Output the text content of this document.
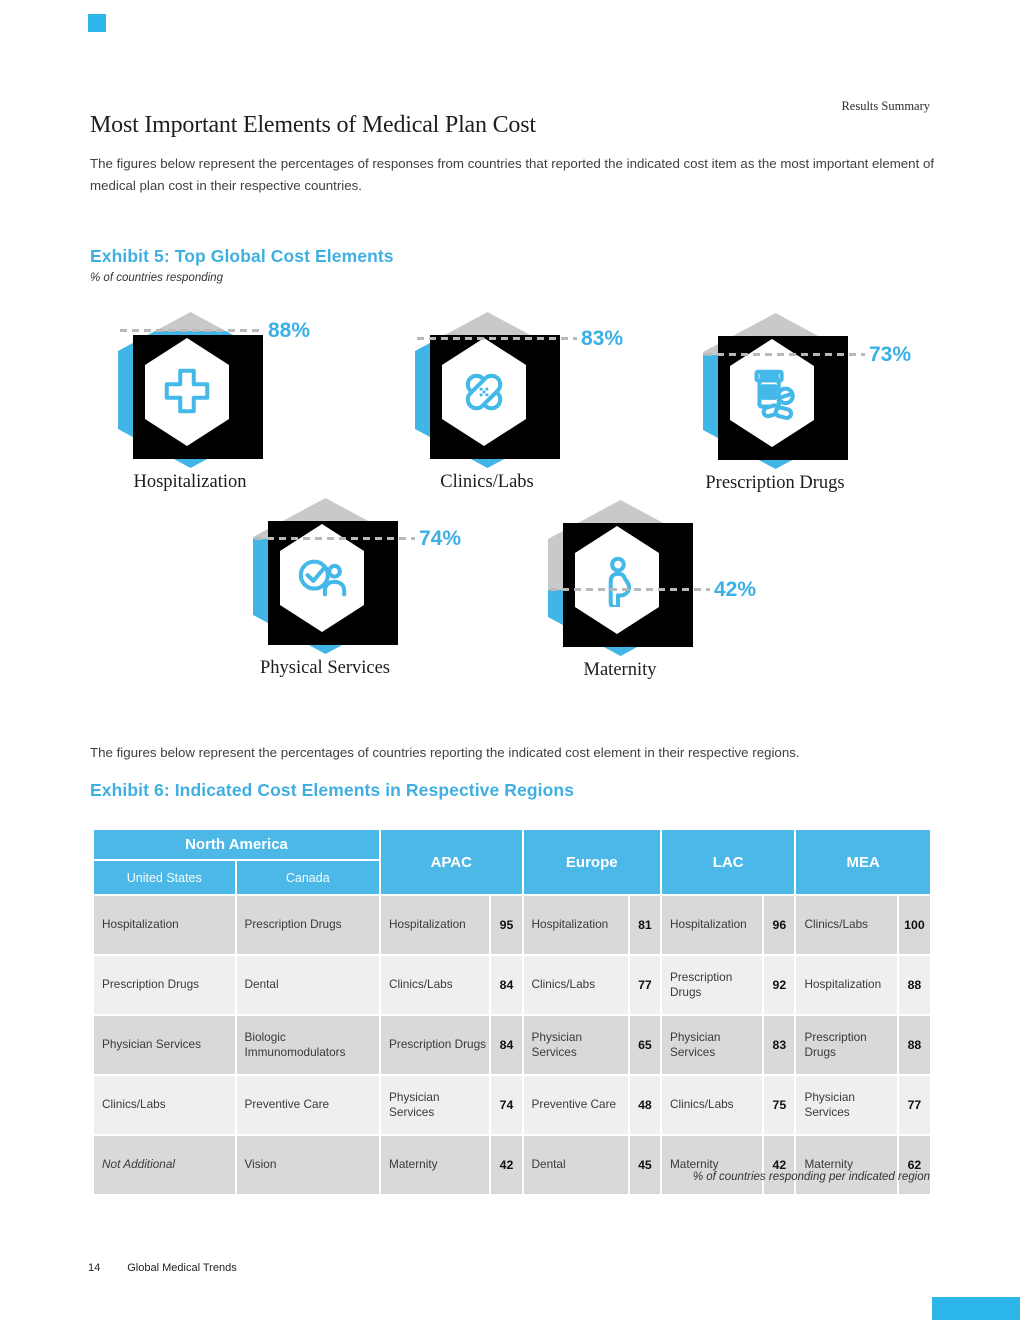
Results Summary
Most Important Elements of Medical Plan Cost
The figures below represent the percentages of responses from countries that reported the indicated cost item as the most important element of medical plan cost in their respective countries.
Exhibit 5: Top Global Cost Elements
% of countries responding
88%
Hospitalization
83%
Clinics/Labs
73%
Prescription Drugs
74%
Physical Services
42%
Maternity
The figures below represent the percentages of countries reporting the indicated cost element in their respective regions.
Exhibit 6: Indicated Cost Elements in Respective Regions
North America		APAC		Europe		LAC		MEA	
United States	Canada								
Hospitalization	Prescription Drugs	Hospitalization	95	Hospitalization	81	Hospitalization	96	Clinics/Labs	100
Prescription Drugs	Dental	Clinics/Labs	84	Clinics/Labs	77	Prescription Drugs	92	Hospitalization	88
Physician Services	Biologic Immunomodulators	Prescription Drugs	84	Physician Services	65	Physician Services	83	Prescription Drugs	88
Clinics/Labs	Preventive Care	Physician Services	74	Preventive Care	48	Clinics/Labs	75	Physician Services	77
Not Additional	Vision	Maternity	42	Dental	45	Maternity	42	Maternity	62
% of countries responding per indicated region
14 Global Medical Trends
